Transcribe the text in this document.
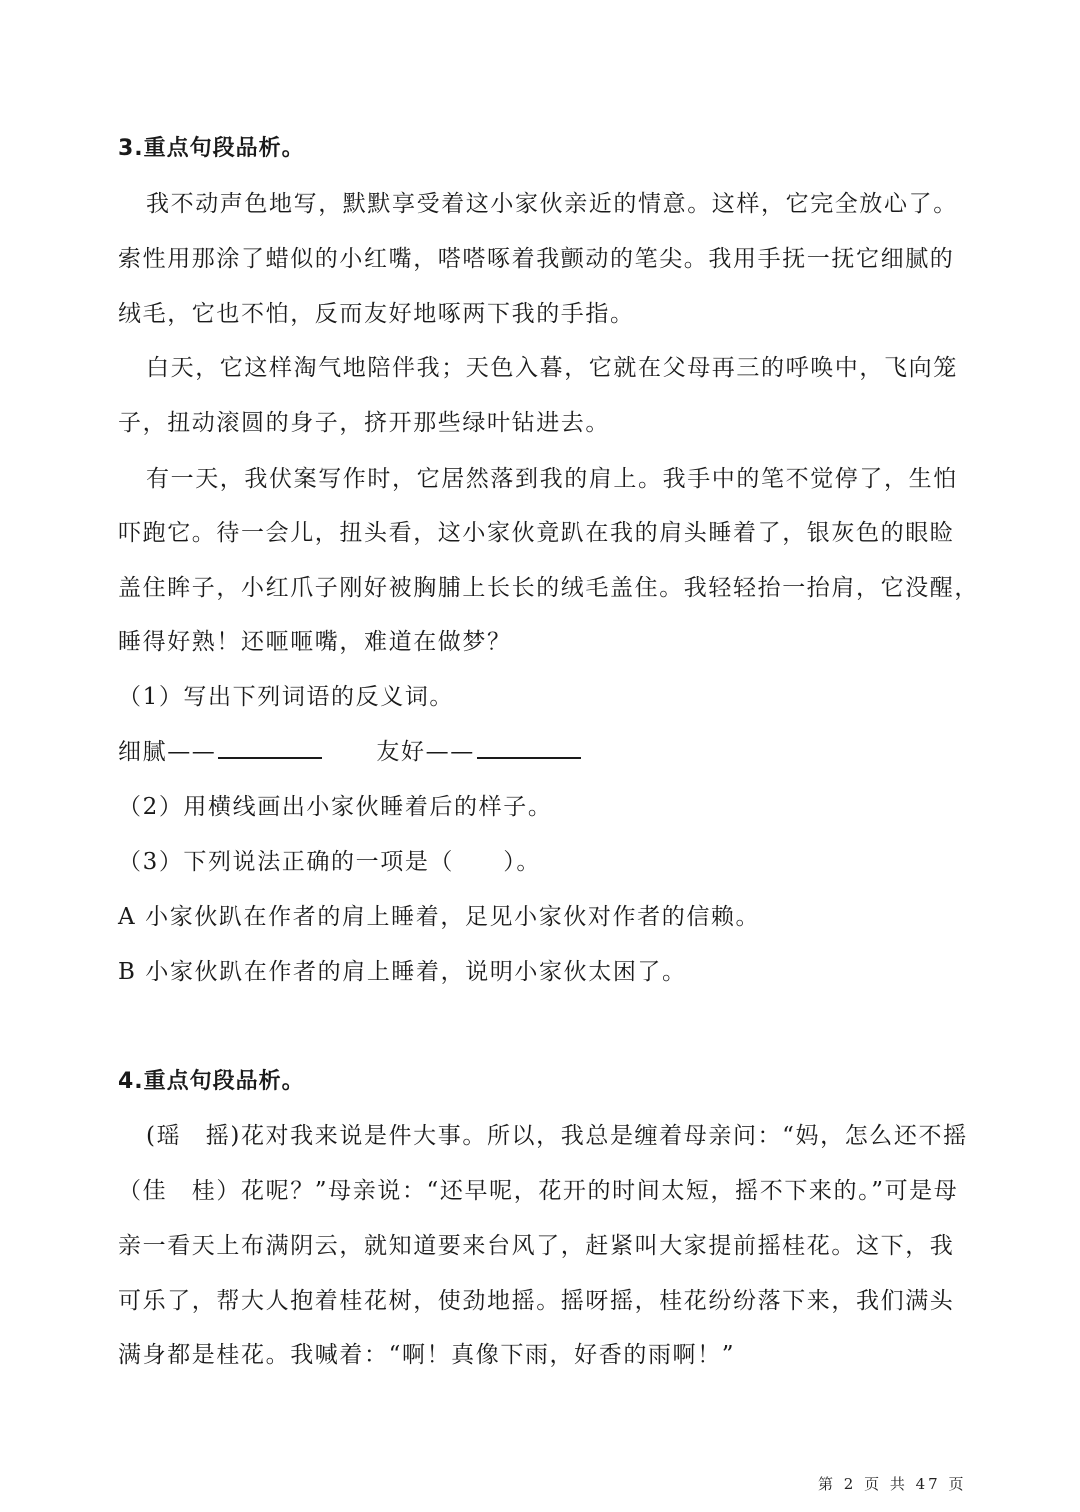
3.重点句段品析。
我不动声色地写，默默享受着这小家伙亲近的情意。这样，它完全放心了。
索性用那涂了蜡似的小红嘴，嗒嗒啄着我颤动的笔尖。我用手抚一抚它细腻的
绒毛，它也不怕，反而友好地啄两下我的手指。
白天，它这样淘气地陪伴我；天色入暮，它就在父母再三的呼唤中，飞向笼
子，扭动滚圆的身子，挤开那些绿叶钻进去。
有一天，我伏案写作时，它居然落到我的肩上。我手中的笔不觉停了，生怕
吓跑它。待一会儿，扭头看，这小家伙竟趴在我的肩头睡着了，银灰色的眼睑
盖住眸子，小红爪子刚好被胸脯上长长的绒毛盖住。我轻轻抬一抬肩，它没醒，
睡得好熟！还咂咂嘴，难道在做梦？
（1）写出下列词语的反义词。
细腻——	友好——
（2）用横线画出小家伙睡着后的样子。
（3）下列说法正确的一项是（　　）。
A 小家伙趴在作者的肩上睡着，足见小家伙对作者的信赖。
B 小家伙趴在作者的肩上睡着，说明小家伙太困了。
4.重点句段品析。
(瑶　摇)花对我来说是件大事。所以，我总是缠着母亲问：“妈，怎么还不摇
（佳　桂）花呢？”母亲说：“还早呢，花开的时间太短，摇不下来的。”可是母
亲一看天上布满阴云，就知道要来台风了，赶紧叫大家提前摇桂花。这下，我
可乐了，帮大人抱着桂花树，使劲地摇。摇呀摇，桂花纷纷落下来，我们满头
满身都是桂花。我喊着：“啊！真像下雨，好香的雨啊！”
第 2 页 共 47 页
